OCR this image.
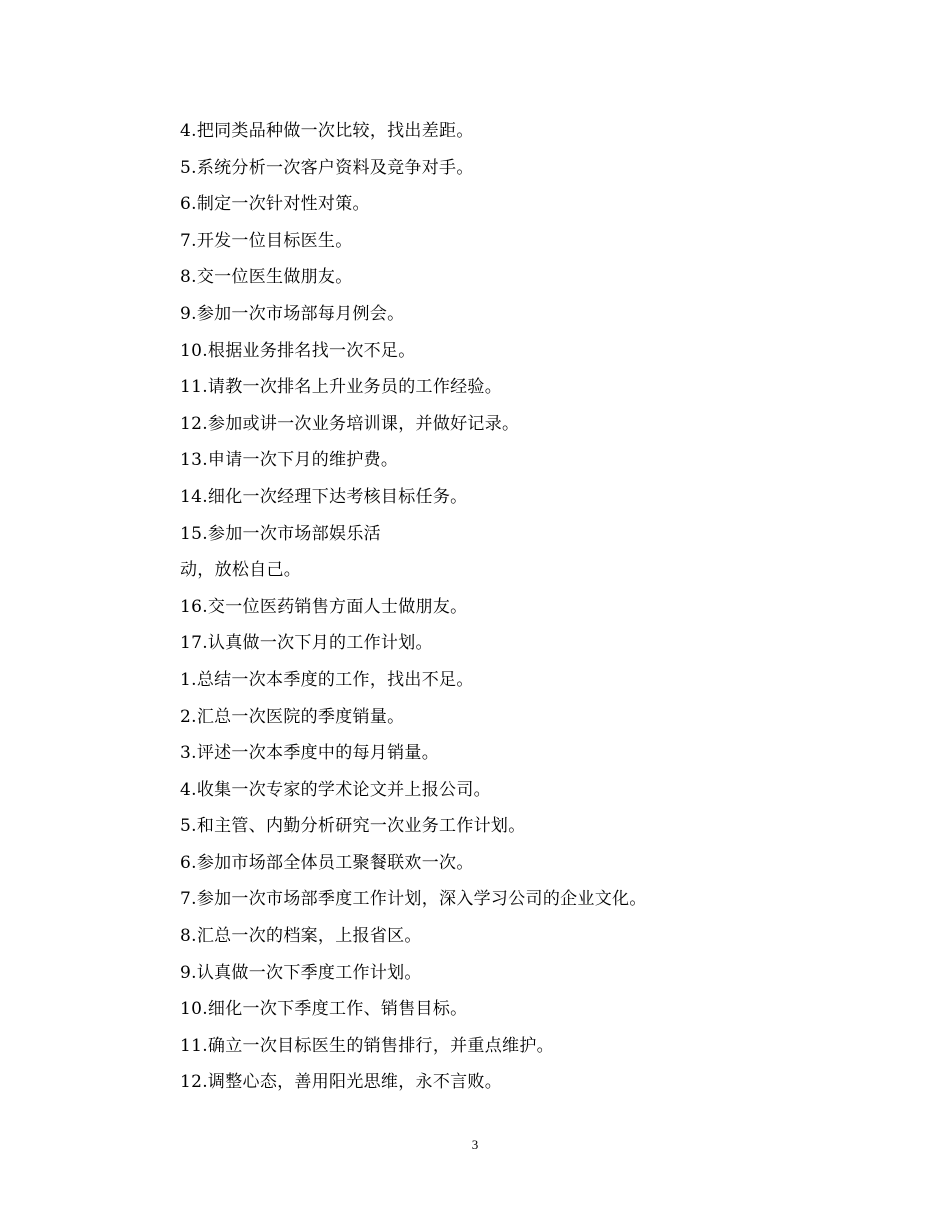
4.把同类品种做一次比较，找出差距。
5.系统分析一次客户资料及竞争对手。
6.制定一次针对性对策。
7.开发一位目标医生。
8.交一位医生做朋友。
9.参加一次市场部每月例会。
10.根据业务排名找一次不足。
11.请教一次排名上升业务员的工作经验。
12.参加或讲一次业务培训课，并做好记录。
13.申请一次下月的维护费。
14.细化一次经理下达考核目标任务。
15.参加一次市场部娱乐活
动，放松自己。
16.交一位医药销售方面人士做朋友。
17.认真做一次下月的工作计划。
1.总结一次本季度的工作，找出不足。
2.汇总一次医院的季度销量。
3.评述一次本季度中的每月销量。
4.收集一次专家的学术论文并上报公司。
5.和主管、内勤分析研究一次业务工作计划。
6.参加市场部全体员工聚餐联欢一次。
7.参加一次市场部季度工作计划，深入学习公司的企业文化。
8.汇总一次的档案，上报省区。
9.认真做一次下季度工作计划。
10.细化一次下季度工作、销售目标。
11.确立一次目标医生的销售排行，并重点维护。
12.调整心态，善用阳光思维，永不言败。
3
